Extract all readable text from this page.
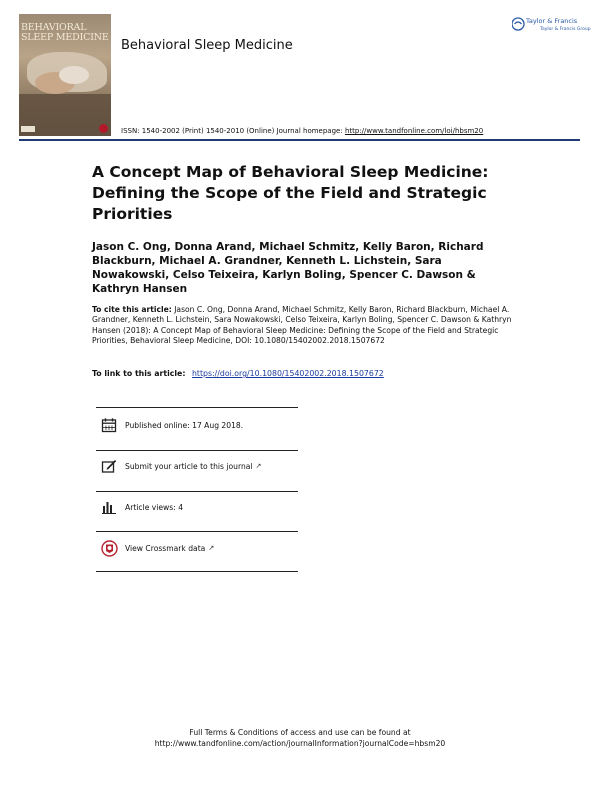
BEHAVIORAL
SLEEP MEDICINE
Behavioral Sleep Medicine
Taylor & Francis
Taylor & Francis Group
ISSN: 1540-2002 (Print) 1540-2010 (Online) Journal homepage: http://www.tandfonline.com/loi/hbsm20
A Concept Map of Behavioral Sleep Medicine: Defining the Scope of the Field and Strategic Priorities
Jason C. Ong, Donna Arand, Michael Schmitz, Kelly Baron, Richard Blackburn, Michael A. Grandner, Kenneth L. Lichstein, Sara Nowakowski, Celso Teixeira, Karlyn Boling, Spencer C. Dawson & Kathryn Hansen
To cite this article: Jason C. Ong, Donna Arand, Michael Schmitz, Kelly Baron, Richard Blackburn, Michael A. Grandner, Kenneth L. Lichstein, Sara Nowakowski, Celso Teixeira, Karlyn Boling, Spencer C. Dawson & Kathryn Hansen (2018): A Concept Map of Behavioral Sleep Medicine: Defining the Scope of the Field and Strategic Priorities, Behavioral Sleep Medicine, DOI: 10.1080/15402002.2018.1507672
To link to this article: https://doi.org/10.1080/15402002.2018.1507672
Published online: 17 Aug 2018.
Submit your article to this journal ↗
Article views: 4
View Crossmark data ↗
Full Terms & Conditions of access and use can be found at
http://www.tandfonline.com/action/journalInformation?journalCode=hbsm20
